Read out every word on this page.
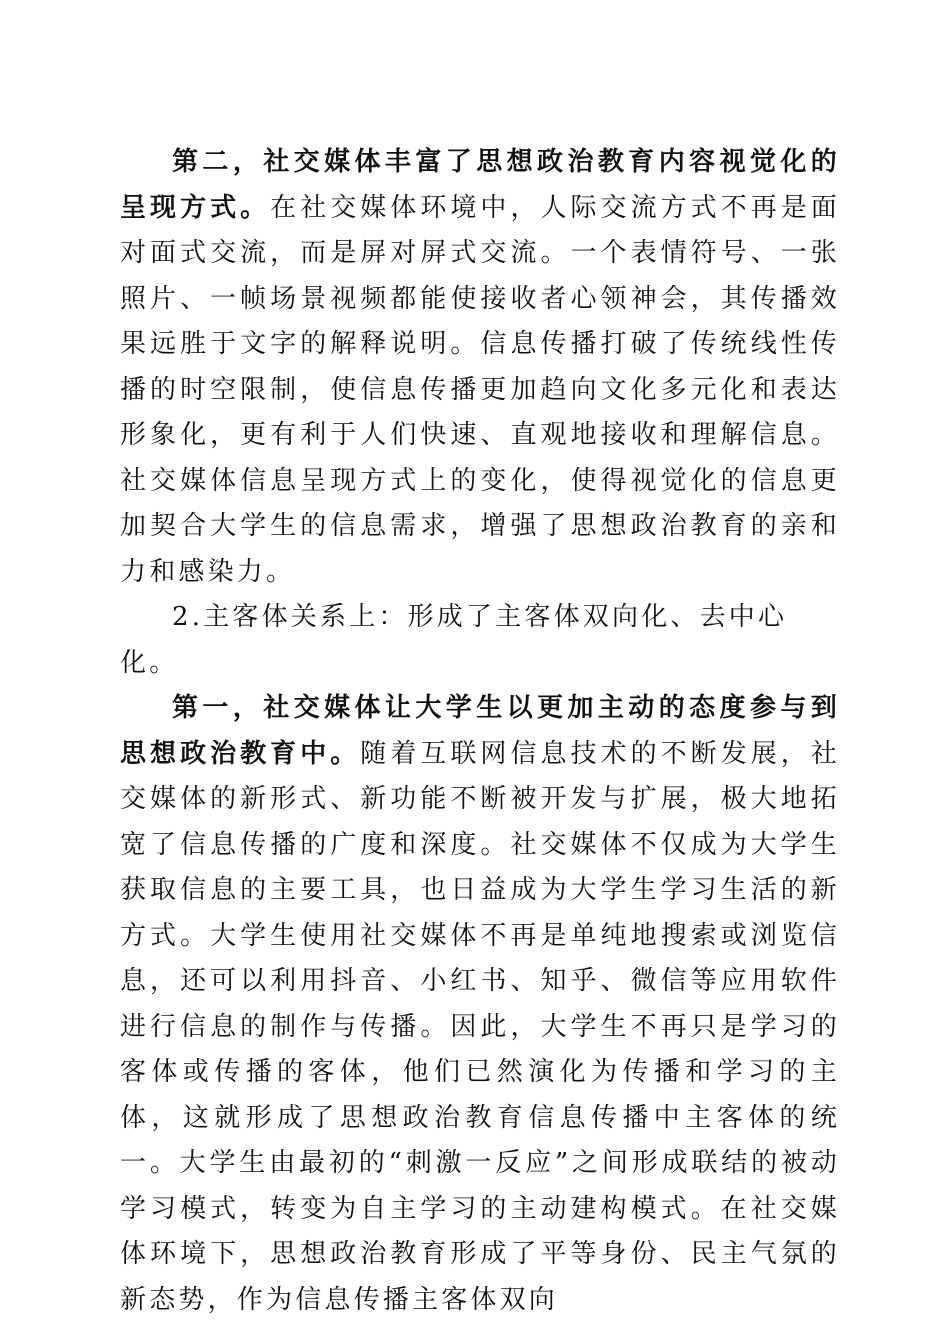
第二，社交媒体丰富了思想政治教育内容视觉化的呈现方式。在社交媒体环境中，人际交流方式不再是面对面式交流，而是屏对屏式交流。一个表情符号、一张照片、一帧场景视频都能使接收者心领神会，其传播效果远胜于文字的解释说明。信息传播打破了传统线性传播的时空限制，使信息传播更加趋向文化多元化和表达形象化，更有利于人们快速、直观地接收和理解信息。社交媒体信息呈现方式上的变化，使得视觉化的信息更加契合大学生的信息需求，增强了思想政治教育的亲和力和感染力。

2.主客体关系上：形成了主客体双向化、去中心化。

第一，社交媒体让大学生以更加主动的态度参与到思想政治教育中。随着互联网信息技术的不断发展，社交媒体的新形式、新功能不断被开发与扩展，极大地拓宽了信息传播的广度和深度。社交媒体不仅成为大学生获取信息的主要工具，也日益成为大学生学习生活的新方式。大学生使用社交媒体不再是单纯地搜索或浏览信息，还可以利用抖音、小红书、知乎、微信等应用软件进行信息的制作与传播。因此，大学生不再只是学习的客体或传播的客体，他们已然演化为传播和学习的主体，这就形成了思想政治教育信息传播中主客体的统一。大学生由最初的“刺激一反应”之间形成联结的被动学习模式，转变为自主学习的主动建构模式。在社交媒体环境下，思想政治教育形成了平等身份、民主气氛的新态势，作为信息传播主客体双向
